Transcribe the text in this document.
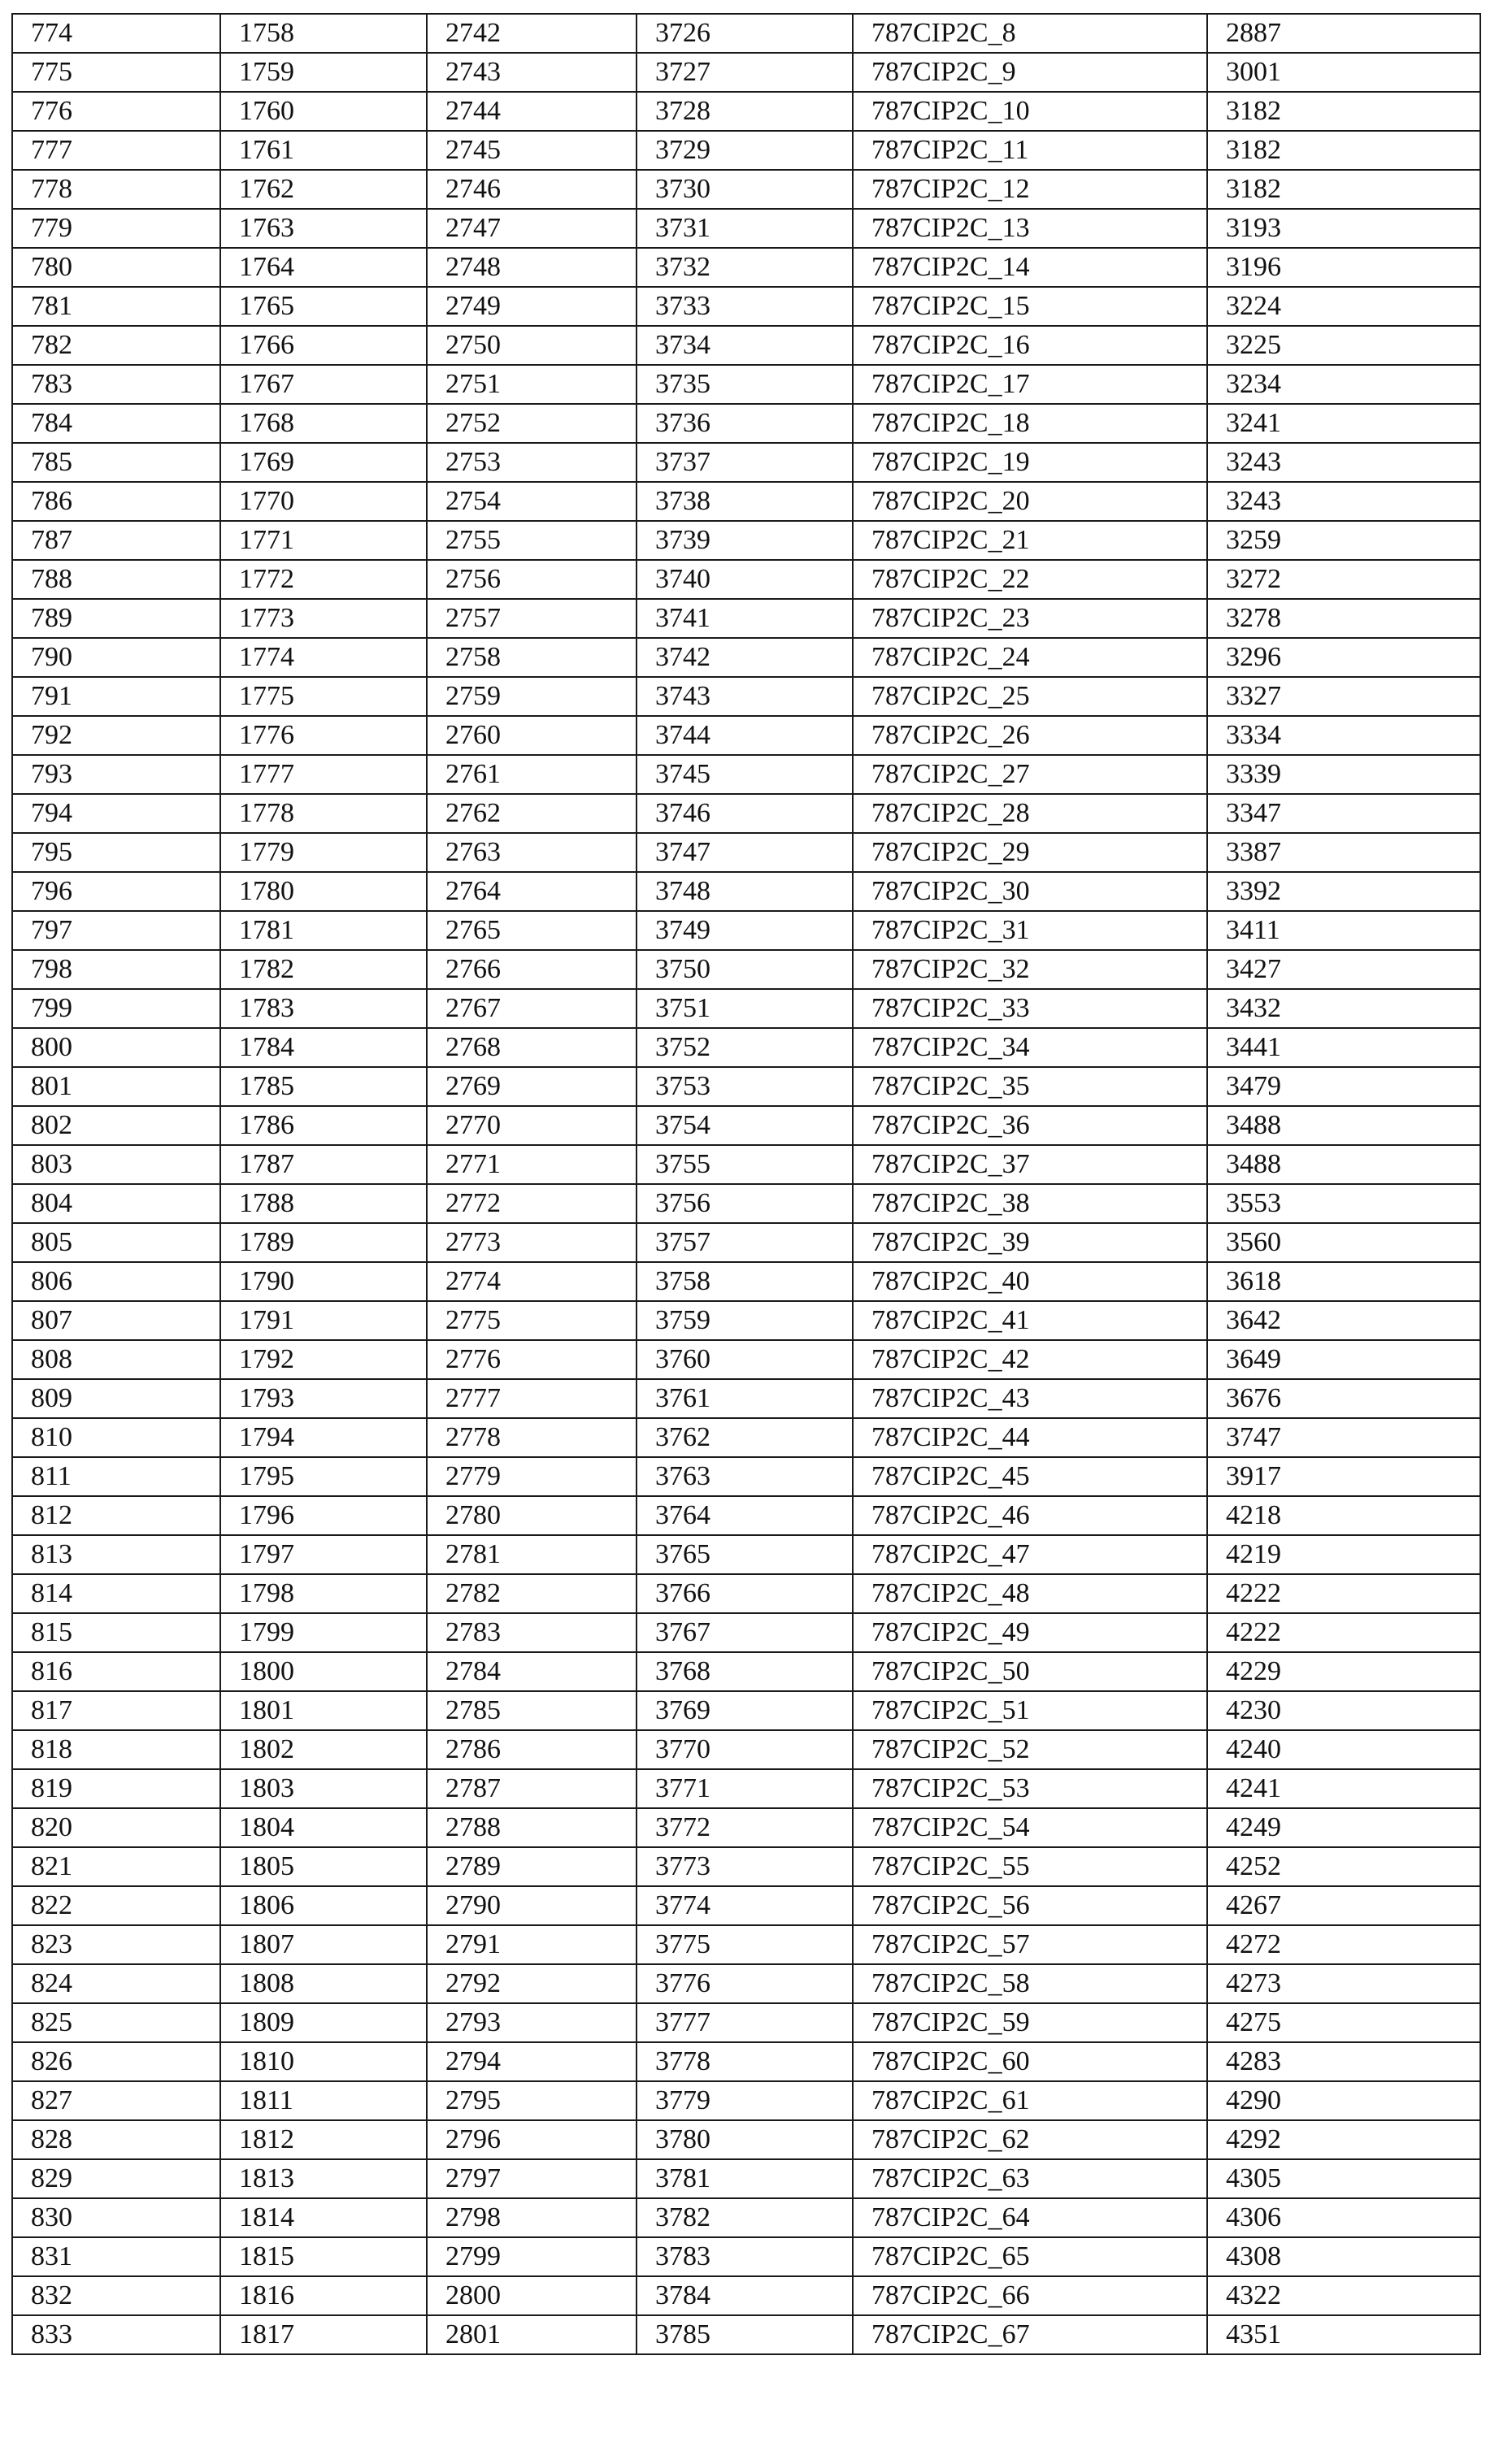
774	1758	2742	3726	787CIP2C_8	2887
775	1759	2743	3727	787CIP2C_9	3001
776	1760	2744	3728	787CIP2C_10	3182
777	1761	2745	3729	787CIP2C_11	3182
778	1762	2746	3730	787CIP2C_12	3182
779	1763	2747	3731	787CIP2C_13	3193
780	1764	2748	3732	787CIP2C_14	3196
781	1765	2749	3733	787CIP2C_15	3224
782	1766	2750	3734	787CIP2C_16	3225
783	1767	2751	3735	787CIP2C_17	3234
784	1768	2752	3736	787CIP2C_18	3241
785	1769	2753	3737	787CIP2C_19	3243
786	1770	2754	3738	787CIP2C_20	3243
787	1771	2755	3739	787CIP2C_21	3259
788	1772	2756	3740	787CIP2C_22	3272
789	1773	2757	3741	787CIP2C_23	3278
790	1774	2758	3742	787CIP2C_24	3296
791	1775	2759	3743	787CIP2C_25	3327
792	1776	2760	3744	787CIP2C_26	3334
793	1777	2761	3745	787CIP2C_27	3339
794	1778	2762	3746	787CIP2C_28	3347
795	1779	2763	3747	787CIP2C_29	3387
796	1780	2764	3748	787CIP2C_30	3392
797	1781	2765	3749	787CIP2C_31	3411
798	1782	2766	3750	787CIP2C_32	3427
799	1783	2767	3751	787CIP2C_33	3432
800	1784	2768	3752	787CIP2C_34	3441
801	1785	2769	3753	787CIP2C_35	3479
802	1786	2770	3754	787CIP2C_36	3488
803	1787	2771	3755	787CIP2C_37	3488
804	1788	2772	3756	787CIP2C_38	3553
805	1789	2773	3757	787CIP2C_39	3560
806	1790	2774	3758	787CIP2C_40	3618
807	1791	2775	3759	787CIP2C_41	3642
808	1792	2776	3760	787CIP2C_42	3649
809	1793	2777	3761	787CIP2C_43	3676
810	1794	2778	3762	787CIP2C_44	3747
811	1795	2779	3763	787CIP2C_45	3917
812	1796	2780	3764	787CIP2C_46	4218
813	1797	2781	3765	787CIP2C_47	4219
814	1798	2782	3766	787CIP2C_48	4222
815	1799	2783	3767	787CIP2C_49	4222
816	1800	2784	3768	787CIP2C_50	4229
817	1801	2785	3769	787CIP2C_51	4230
818	1802	2786	3770	787CIP2C_52	4240
819	1803	2787	3771	787CIP2C_53	4241
820	1804	2788	3772	787CIP2C_54	4249
821	1805	2789	3773	787CIP2C_55	4252
822	1806	2790	3774	787CIP2C_56	4267
823	1807	2791	3775	787CIP2C_57	4272
824	1808	2792	3776	787CIP2C_58	4273
825	1809	2793	3777	787CIP2C_59	4275
826	1810	2794	3778	787CIP2C_60	4283
827	1811	2795	3779	787CIP2C_61	4290
828	1812	2796	3780	787CIP2C_62	4292
829	1813	2797	3781	787CIP2C_63	4305
830	1814	2798	3782	787CIP2C_64	4306
831	1815	2799	3783	787CIP2C_65	4308
832	1816	2800	3784	787CIP2C_66	4322
833	1817	2801	3785	787CIP2C_67	4351
